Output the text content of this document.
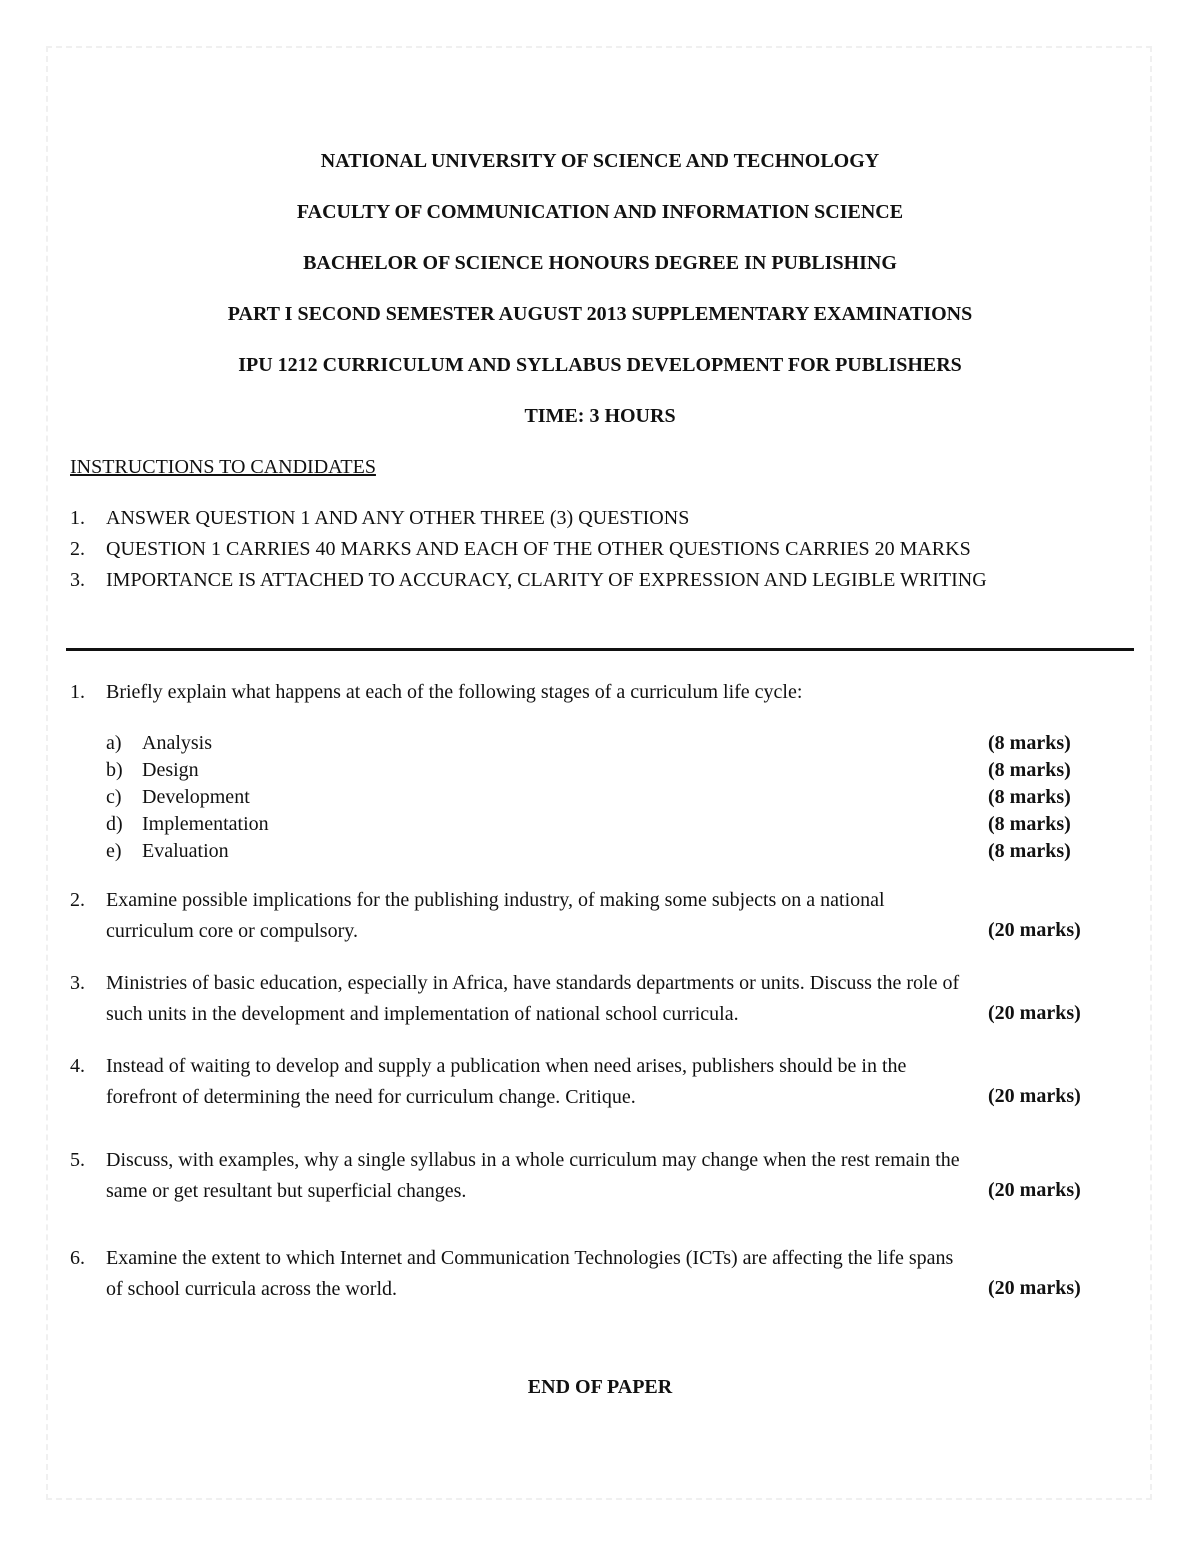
NATIONAL UNIVERSITY OF SCIENCE AND TECHNOLOGY
FACULTY OF COMMUNICATION AND INFORMATION SCIENCE
BACHELOR OF SCIENCE HONOURS DEGREE IN PUBLISHING
PART I SECOND SEMESTER AUGUST 2013 SUPPLEMENTARY EXAMINATIONS
IPU 1212 CURRICULUM AND SYLLABUS DEVELOPMENT FOR PUBLISHERS
TIME: 3 HOURS
INSTRUCTIONS TO CANDIDATES
1. ANSWER QUESTION 1 AND ANY OTHER THREE (3) QUESTIONS
2. QUESTION 1 CARRIES 40 MARKS AND EACH OF THE OTHER QUESTIONS CARRIES 20 MARKS
3. IMPORTANCE IS ATTACHED TO ACCURACY, CLARITY OF EXPRESSION AND LEGIBLE WRITING
1. Briefly explain what happens at each of the following stages of a curriculum life cycle:
a) Analysis	(8 marks)
b) Design	(8 marks)
c) Development	(8 marks)
d) Implementation	(8 marks)
e) Evaluation	(8 marks)
2. Examine possible implications for the publishing industry, of making some subjects on a national
curriculum core or compulsory.	(20 marks)
3. Ministries of basic education, especially in Africa, have standards departments or units. Discuss the role of
such units in the development and implementation of national school curricula.	(20 marks)
4. Instead of waiting to develop and supply a publication when need arises, publishers should be in the
forefront of determining the need for curriculum change. Critique.	(20 marks)
5. Discuss, with examples, why a single syllabus in a whole curriculum may change when the rest remain the
same or get resultant but superficial changes.	(20 marks)
6. Examine the extent to which Internet and Communication Technologies (ICTs) are affecting the life spans
of school curricula across the world.	(20 marks)
END OF PAPER
